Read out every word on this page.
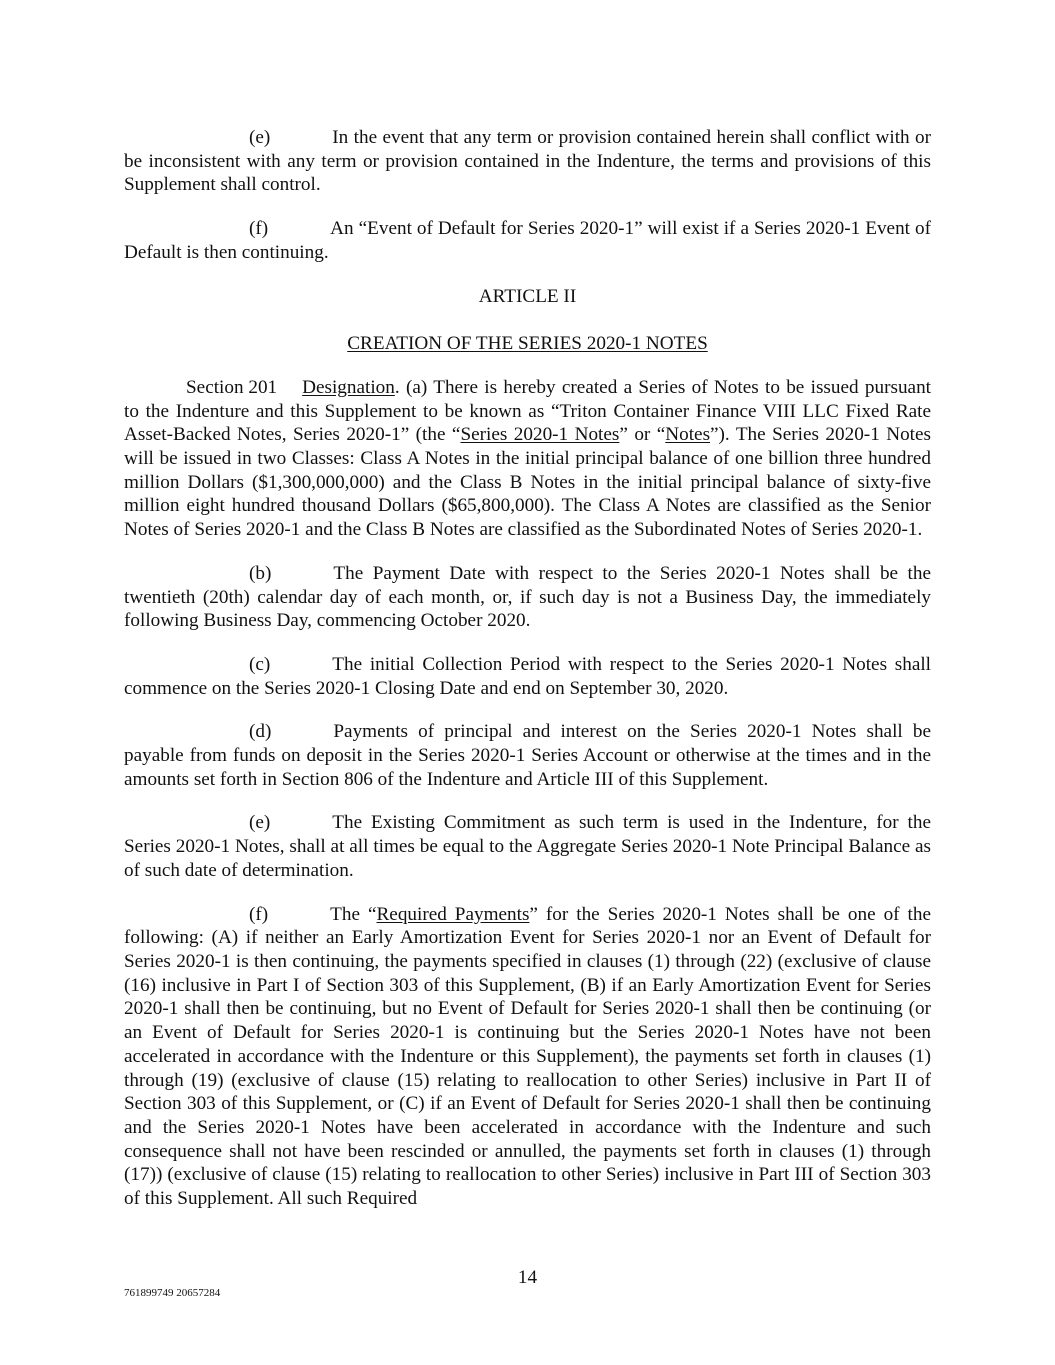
(e)	In the event that any term or provision contained herein shall conflict with or be inconsistent with any term or provision contained in the Indenture, the terms and provisions of this Supplement shall control.

(f)	An “Event of Default for Series 2020-1” will exist if a Series 2020-1 Event of Default is then continuing.

ARTICLE II

CREATION OF THE SERIES 2020-1 NOTES

Section 201 Designation. (a) There is hereby created a Series of Notes to be issued pursuant to the Indenture and this Supplement to be known as “Triton Container Finance VIII LLC Fixed Rate Asset-Backed Notes, Series 2020-1” (the “Series 2020-1 Notes” or “Notes”). The Series 2020-1 Notes will be issued in two Classes: Class A Notes in the initial principal balance of one billion three hundred million Dollars ($1,300,000,000) and the Class B Notes in the initial principal balance of sixty-five million eight hundred thousand Dollars ($65,800,000). The Class A Notes are classified as the Senior Notes of Series 2020-1 and the Class B Notes are classified as the Subordinated Notes of Series 2020-1.

(b)	The Payment Date with respect to the Series 2020-1 Notes shall be the twentieth (20th) calendar day of each month, or, if such day is not a Business Day, the immediately following Business Day, commencing October 2020.

(c)	The initial Collection Period with respect to the Series 2020-1 Notes shall commence on the Series 2020-1 Closing Date and end on September 30, 2020.

(d)	Payments of principal and interest on the Series 2020-1 Notes shall be payable from funds on deposit in the Series 2020-1 Series Account or otherwise at the times and in the amounts set forth in Section 806 of the Indenture and Article III of this Supplement.

(e)	The Existing Commitment as such term is used in the Indenture, for the Series 2020-1 Notes, shall at all times be equal to the Aggregate Series 2020-1 Note Principal Balance as of such date of determination.

(f)	The “Required Payments” for the Series 2020-1 Notes shall be one of the following: (A) if neither an Early Amortization Event for Series 2020-1 nor an Event of Default for Series 2020-1 is then continuing, the payments specified in clauses (1) through (22) (exclusive of clause (16) inclusive in Part I of Section 303 of this Supplement, (B) if an Early Amortization Event for Series 2020-1 shall then be continuing, but no Event of Default for Series 2020-1 shall then be continuing (or an Event of Default for Series 2020-1 is continuing but the Series 2020-1 Notes have not been accelerated in accordance with the Indenture or this Supplement), the payments set forth in clauses (1) through (19) (exclusive of clause (15) relating to reallocation to other Series) inclusive in Part II of Section 303 of this Supplement, or (C) if an Event of Default for Series 2020-1 shall then be continuing and the Series 2020-1 Notes have been accelerated in accordance with the Indenture and such consequence shall not have been rescinded or annulled, the payments set forth in clauses (1) through (17)) (exclusive of clause (15) relating to reallocation to other Series) inclusive in Part III of Section 303 of this Supplement. All such Required

14
761899749 20657284
